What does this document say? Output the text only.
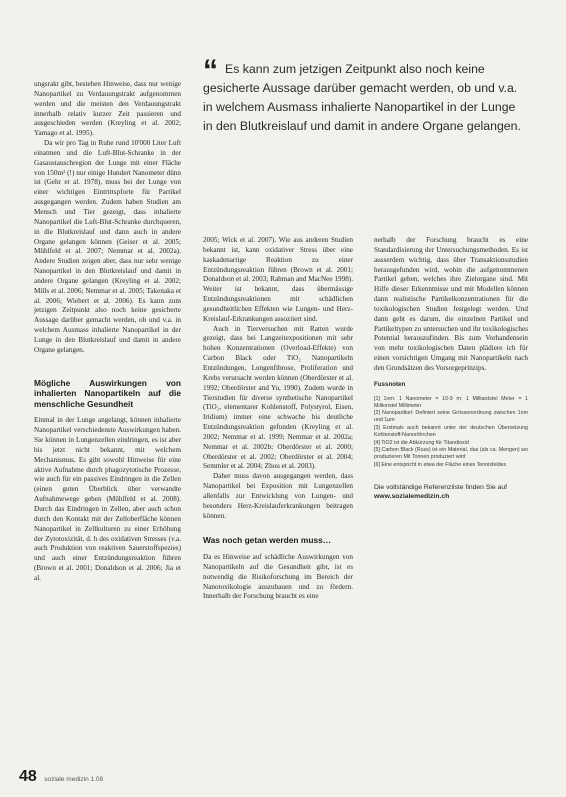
“ Es kann zum jetzigen Zeitpunkt also noch keine gesicherte Aussage darüber gemacht werden, ob und v.a. in welchem Ausmass inhalierte Nanopartikel in der Lunge in den Blutkreislauf und damit in andere Organe gelangen.

ungsrakt gibt, bestehen Hinweise, dass nur wenige Nanopartikel zu Verdauungstrakt aufgenommen werden und die meisten den Verdauungstrakt innerhalb relativ kurzer Zeit passieren und ausgeschieden werden (Kreyling et al. 2002; Yamago et al. 1995).

Da wir pro Tag in Ruhe rund 10'000 Liter Luft einatmen und die Luft-Blut-Schranke in der Gasaustauschregion der Lunge mit einer Fläche von 150m² (!) nur einige Hundert Nanometer dünn ist (Gehr et al. 1978), muss bei der Lunge von einer wichtigen Eintrittspforte für Partikel ausgegangen werden. Zudem haben Studien am Mensch und Tier gezeigt, dass inhalierte Nanopartikel die Luft-Blut-Schranke durchqueren, in die Blutkreislauf und dann auch in andere Organe gelangen können (Geiser et al. 2005; Mühlfeld et al. 2007; Nemmar et al. 2002a). Andere Studien zeigen aber, dass nur sehr wenige Nanopartikel in den Blutkreislauf und damit in andere Organe gelangen (Kreyling et al. 2002; Mills et al. 2006; Nemmar et al. 2005; Takenaka et al. 2006; Wiebert et al. 2006). Es kann zum jetzigen Zeitpunkt also noch keine gesicherte Aussage darüber gemacht werden, ob und v.a. in welchem Ausmass inhalierte Nanopartikel in der Lunge in den Blutkreislauf und damit in andere Organe gelangen.

Mögliche Auswirkungen von inhalierten Nanopartikeln auf die menschliche Gesundheit

Einmal in der Lunge angelangt, können inhalierte Nanopartikel verschiedenste Auswirkungen haben. Sie können in Lungenzellen eindringen, es ist aber bis jetzt nicht bekannt, mit welchem Mechanismus. Es gibt sowohl Hinweise für eine aktive Aufnahme durch phagozytotische Prozesse, wie auch für ein passives Eindringen in die Zellen (einen guten Überblick über verwandte Aufnahmewege geben (Mühlfeld et al. 2008). Durch das Eindringen in Zellen, aber auch schon durch den Kontakt mit der Zelloberfläche können Nanopartikel in Zellkulturen zu einer Erhöhung der Zytotoxizität, d. h des oxidativen Stresses (v.a. auch Produktion von reaktiven Sauerstoffspezies) und auch einer Entzündungsreaktion führen (Brown et al. 2001; Donaldson et al. 2006; Jia et al.

2005; Wick et al. 2007). Wie aus anderen Studien bekannt ist, kann oxidativer Stress über eine kaskadenartige Reaktion zu einer Entzündungsreaktion führen (Brown et al. 2001; Donaldson et al. 2003; Rahman and MacNee 1998). Weiter ist bekannt, dass übermässige Entzündungsreaktionen mit schädlichen gesundheitlichen Effekten wie Lungen- und Herz-Kreislauf-Erkrankungen assoziiert sind.

Auch in Tierversuchen mit Ratten wurde gezeigt, dass bei Langzeitexpositionen mit sehr hohen Konzentrationen (Overload-Effekte) von Carbon Black oder TiO₂ Nanopartikeln Entzündungen, Lungenfibrose, Proliferation und Krebs verursacht werden können (Oberdörster et al. 1992; Oberdörster and Yu, 1990). Zudem wurde in Tierstudien für diverse synthetische Nanopartikel (TiO₂, elementarer Kohlenstoff, Polystyrol, Eisen, Iridium) immer eine schwache bis deutliche Entzündungsreaktion gefunden (Kreyling et al. 2002; Nemmar et al. 1999; Nemmar et al. 2002a; Nemmar et al. 2002b; Oberdörster et al. 2000; Oberdörster et al. 2002; Oberdörster et al. 2004; Semmler et al. 2004; Zhou et al. 2003).

Daher muss davon ausgegangen werden, dass Nanopartikel bei Exposition mit Lungenzellen allenfalls zur Entwicklung von Lungen- und besonders Herz-Kreislauferkrankungen beitragen können.

Was noch getan werden muss…

Da es Hinweise auf schädliche Auswirkungen von Nanopartikeln auf die Gesundheit gibt, ist es notwendig die Risikoforschung im Bereich der Nanotoxikologie auszubauen und zu fördern. Innerhalb der Forschung braucht es eine

nerhalb der Forschung braucht es eine Standardisierung der Untersuchungsmethoden. Es ist ausserdem wichtig, dass über Transaktionsstudien herausgefunden wird, wohin die aufgenommenen Partikel gehen, welches ihre Zielorgane sind. Mit Hilfe dieser Erkenntnisse und mit Modellen können dann realistische Partikelkonzentrationen für die toxikologischen Studien festgelegt werden. Und dann geht es darum, die einzelnen Partikel und Partikeltypen zu untersuchen und ihr toxikologisches Potential herauszufinden. Bis zum Vorhandensein von mehr toxikologischen Daten plädiere ich für einen vorsichtigen Umgang mit Nanopartikeln nach den Grundsätzen des Vorsorgeprinzips.

Fussnoten

[1] 1nm: 1 Nanometer = 10-9 m; 1 Milliardstel Meter = 1 Millionstel Millimeter

[2] Nanopartikel: Definiert seine Grössenordnung zwischen 1nm und 1µm

[3] Erstmals auch bekannt unter der deutschen Übersetzung Kohlenstoff-Nanoröhrchen

[4] TiO2 ist die Abkürzung für Titandioxid

[5] Carbon Black (Russ) ist ein Material, das (als ca. Mengen) wo produzieren Mit Tonnen produziert wird

[6] Eine entspricht in etwa der Fläche eines Tennisfeldes

Die vollständige Referenzliste finden Sie auf
www.sozialemedizin.ch
48 soziale medizin 1.08
